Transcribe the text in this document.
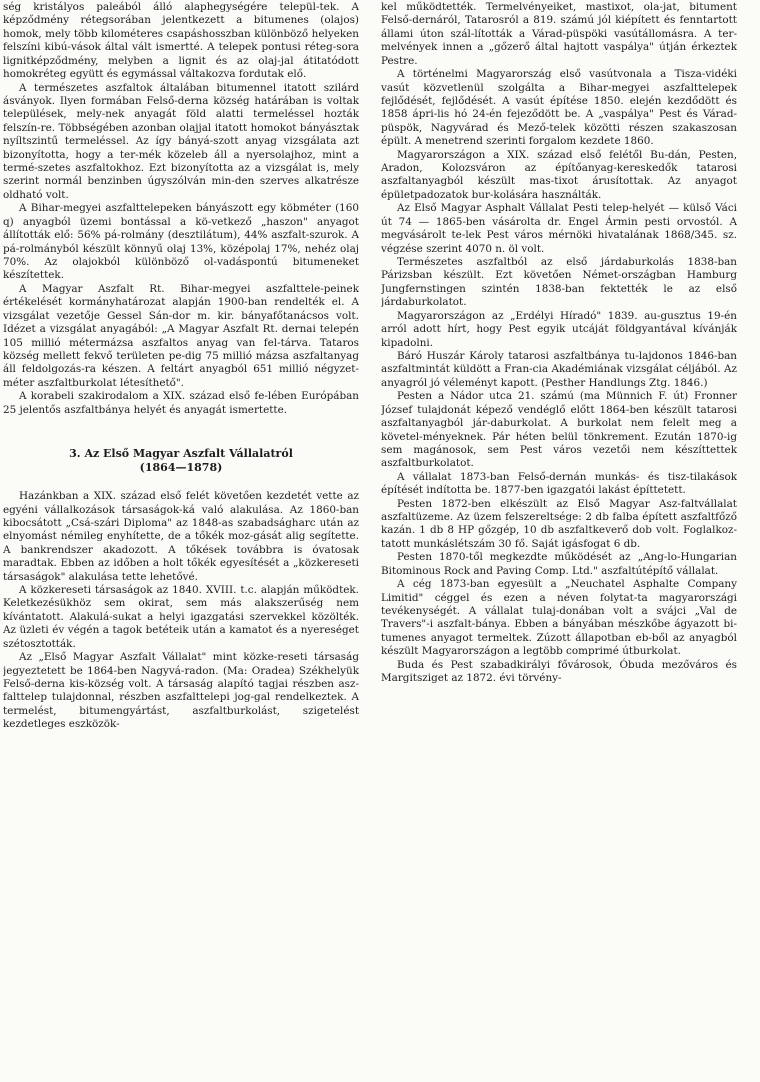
ség kristályos paleából álló alaphegységére települ-tek. A képződmény rétegsorában jelentkezett a bitumenes (olajos) homok, mely több kilométeres csapáshosszban különböző helyeken felszíni kibú-vások által vált ismertté. A telepek pontusi réteg-sora lignitképződmény, melyben a lignit és az olaj-jal átitatódott homokréteg együtt és egymással váltakozva fordutak elő.

A természetes aszfaltok általában bitumennel itatott szilárd ásványok. Ilyen formában Felső-derna község határában is voltak települések, mely-nek anyagát föld alatti termeléssel hozták felszín-re. Többségében azonban olajjal itatott homokot bányásztak nyíltszintű termeléssel. Az így bányá-szott anyag vizsgálata azt bizonyította, hogy a ter-mék közeleb áll a nyersolajhoz, mint a termé-szetes aszfaltokhoz. Ezt bizonyította az a vizsgálat is, mely szerint normál benzinben úgyszólván min-den szerves alkatrésze oldható volt.

A Bihar-megyei aszfalttelepeken bányászott egy köbméter (160 q) anyagból üzemi bontással a kö-vetkező „haszon" anyagot állították elő: 56% pá-rolmány (desztilátum), 44% aszfalt-szurok. A pá-rolmányból készült könnyű olaj 13%, középolaj 17%, nehéz olaj 70%. Az olajokból különböző ol-vadáspontú bitumeneket készítettek.

A Magyar Aszfalt Rt. Bihar-megyei aszfalttele-peinek értékelését kormányhatározat alapján 1900-ban rendelték el. A vizsgálat vezetője Gessel Sán-dor m. kir. bányafőtanácsos volt. Idézet a vizsgálat anyagából: „A Magyar Aszfalt Rt. dernai telepén 105 millió métermázsa aszfaltos anyag van fel-tárva. Tataros község mellett fekvő területen pe-dig 75 millió mázsa aszfaltanyag áll feldolgozás-ra készen. A feltárt anyagból 651 millió négyzet-méter aszfaltburkolat létesíthető".

A korabeli szakirodalom a XIX. század első fe-lében Európában 25 jelentős aszfaltbánya helyét és anyagát ismertette.

3. Az Első Magyar Aszfalt Vállalatról
(1864—1878)

Hazánkban a XIX. század első felét követően kezdetét vette az egyéni vállalkozások társaságok-ká való alakulása. Az 1860-ban kibocsátott „Csá-szári Diploma" az 1848-as szabadságharc után az elnyomást némileg enyhítette, de a tőkék moz-gását alig segítette. A bankrendszer akadozott. A tőkések továbbra is óvatosak maradtak. Ebben az időben a holt tőkék egyesítését a „közkereseti társaságok" alakulása tette lehetővé.

A közkereseti társaságok az 1840. XVIII. t.c. alapján működtek. Keletkezésükhöz sem okirat, sem más alakszerűség nem kívántatott. Alakulá-sukat a helyi igazgatási szervekkel közölték. Az üzleti év végén a tagok betéteik után a kamatot és a nyereséget szétosztották.

Az „Első Magyar Aszfalt Vállalat" mint közke-reseti társaság jegyeztetett be 1864-ben Nagyvá-radon. (Ma: Oradea) Székhelyük Felső-derna kis-község volt. A társaság alapító tagjai részben asz-falttelep tulajdonnal, részben aszfalttelepi jog-gal rendelkeztek. A termelést, bitumengyártást, aszfaltburkolást, szigetelést kezdetleges eszközök-

kel működtették. Termelvényeiket, mastixot, ola-jat, bitument Felső-dernáról, Tatarosról a 819. számú jól kiépített és fenntartott állami úton szál-lították a Várad-püspöki vasútállomásra. A ter-melvények innen a „gőzerő által hajtott vaspálya" útján érkeztek Pestre.

A történelmi Magyarország első vasútvonala a Tisza-vidéki vasút közvetlenül szolgálta a Bihar-megyei aszfalttelepek fejlődését, fejlődését. A vasút építése 1850. elején kezdődött és 1858 ápri-lis hó 24-én fejeződött be. A „vaspálya" Pest és Várad-püspök, Nagyvárad és Mező-telek közötti részen szakaszosan épült. A menetrend szerinti forgalom kezdete 1860.

Magyarországon a XIX. század első felétől Bu-dán, Pesten, Aradon, Kolozsváron az építőanyag-kereskedők tatarosi aszfaltanyagból készült mas-tixot árusítottak. Az anyagot épületpadozatok bur-kolására használták.

Az Első Magyar Asphalt Vállalat Pesti telep-helyét — külső Váci út 74 — 1865-ben vásárolta dr. Engel Ármin pesti orvostól. A megvásárolt te-lek Pest város mérnöki hivatalának 1868/345. sz. végzése szerint 4070 n. öl volt.

Természetes aszfaltból az első járdaburkolás 1838-ban Párizsban készült. Ezt követően Német-országban Hamburg Jungfernstingen szintén 1838-ban fektették le az első járdaburkolatot.

Magyarországon az „Erdélyi Híradó" 1839. au-gusztus 19-én arról adott hírt, hogy Pest egyik utcáját földgyantával kívánják kipadolni.

Báró Huszár Károly tatarosi aszfaltbánya tu-lajdonos 1846-ban aszfaltmintát küldött a Fran-cia Akadémiának vizsgálat céljából. Az anyagról jó véleményt kapott. (Pesther Handlungs Ztg. 1846.)

Pesten a Nádor utca 21. számú (ma Münnich F. út) Fronner József tulajdonát képező vendéglő előtt 1864-ben készült tatarosi aszfaltanyagból jár-daburkolat. A burkolat nem felelt meg a követel-ményeknek. Pár héten belül tönkrement. Ezután 1870-ig sem magánosok, sem Pest város vezetői nem készíttettek aszfaltburkolatot.

A vállalat 1873-ban Felső-dernán munkás- és tisz-tilakások építését indította be. 1877-ben igazgatói lakást építtetett.

Pesten 1872-ben elkészült az Első Magyar Asz-faltvállalat aszfaltüzeme. Az üzem felszereltsége: 2 db falba épített aszfaltfőző kazán. 1 db 8 HP gőzgép, 10 db aszfaltkeverő dob volt. Foglalkoz-tatott munkáslétszám 30 fő. Saját igásfogat 6 db.

Pesten 1870-től megkezdte működését az „Ang-lo-Hungarian Bitominous Rock and Paving Comp. Ltd." aszfaltútépítő vállalat.

A cég 1873-ban egyesült a „Neuchatel Asphalte Company Limitid" céggel és ezen a néven folytat-ta magyarországi tevékenységét. A vállalat tulaj-donában volt a svájci „Val de Travers"-i aszfalt-bánya. Ebben a bányában mészkőbe ágyazott bi-tumenes anyagot termeltek. Zúzott állapotban eb-ből az anyagból készült Magyarországon a legtöbb comprimé útburkolat.

Buda és Pest szabadkirályi fővárosok, Óbuda mezőváros és Margitsziget az 1872. évi törvény-
